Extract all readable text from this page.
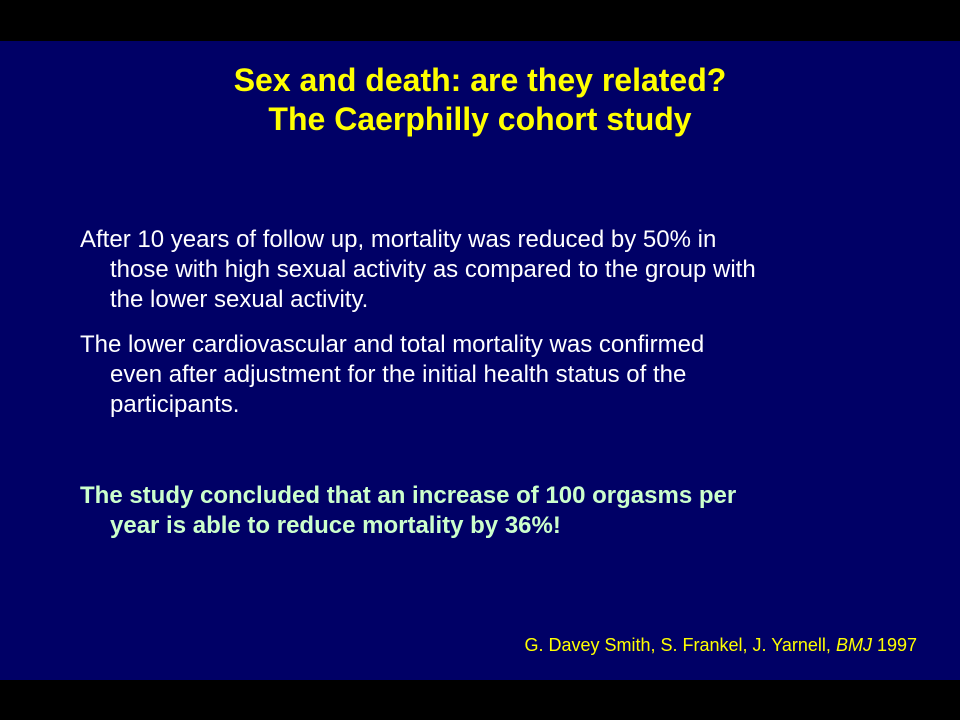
Sex and death: are they related?
The Caerphilly cohort study
After 10 years of follow up, mortality was reduced by 50% in
those with high sexual activity as compared to the group with
the lower sexual activity.
The lower cardiovascular and total mortality was confirmed
even after adjustment for the initial health status of the
participants.
The study concluded that an increase of 100 orgasms per
year is able to reduce mortality by 36%!
G. Davey Smith, S. Frankel, J. Yarnell, BMJ 1997
